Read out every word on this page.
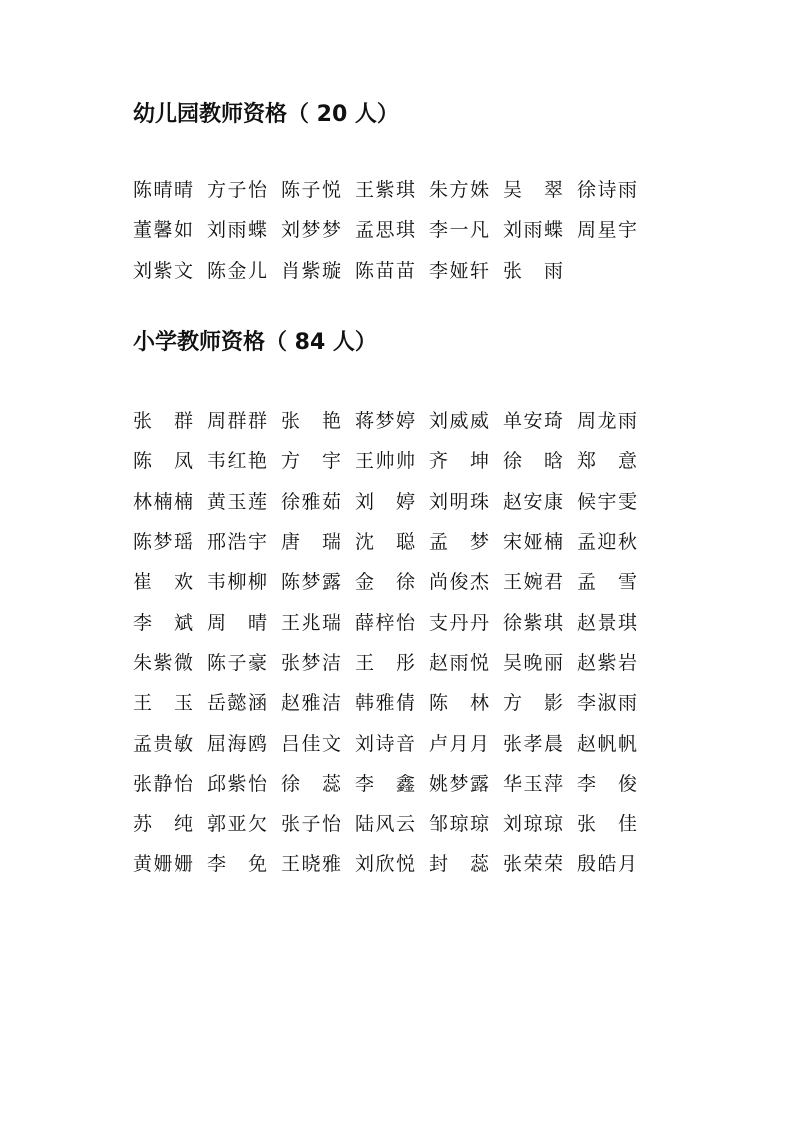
幼儿园教师资格（ 20 人）
陈 晴 晴 方 子 怡 陈 子 悦 王 紫 琪 朱 方 姝 吴 翠 徐 诗 雨
董 馨 如 刘 雨 蝶 刘 梦 梦 孟 思 琪 李 一 凡 刘 雨 蝶 周 星 宇
刘 紫 文 陈 金 儿 肖 紫 璇 陈 苗 苗 李 娅 轩 张 雨
小学教师资格（ 84 人）
张 群 周 群 群 张 艳 蒋 梦 婷 刘 威 威 单 安 琦 周 龙 雨
陈 凤 韦 红 艳 方 宇 王 帅 帅 齐 坤 徐 晗 郑 意
林 楠 楠 黄 玉 莲 徐 雅 茹 刘 婷 刘 明 珠 赵 安 康 候 宇 雯
陈 梦 瑶 邢 浩 宇 唐 瑞 沈 聪 孟 梦 宋 娅 楠 孟 迎 秋
崔 欢 韦 柳 柳 陈 梦 露 金 徐 尚 俊 杰 王 婉 君 孟 雪
李 斌 周 晴 王 兆 瑞 薛 梓 怡 支 丹 丹 徐 紫 琪 赵 景 琪
朱 紫 微 陈 子 豪 张 梦 洁 王 彤 赵 雨 悦 吴 晚 丽 赵 紫 岩
王 玉 岳 懿 涵 赵 雅 洁 韩 雅 倩 陈 林 方 影 李 淑 雨
孟 贵 敏 屈 海 鸥 吕 佳 文 刘 诗 音 卢 月 月 张 孝 晨 赵 帆 帆
张 静 怡 邱 紫 怡 徐 蕊 李 鑫 姚 梦 露 华 玉 萍 李 俊
苏 纯 郭 亚 欠 张 子 怡 陆 风 云 邹 琼 琼 刘 琼 琼 张 佳
黄 姗 姗 李 免 王 晓 雅 刘 欣 悦 封 蕊 张 荣 荣 殷 皓 月
